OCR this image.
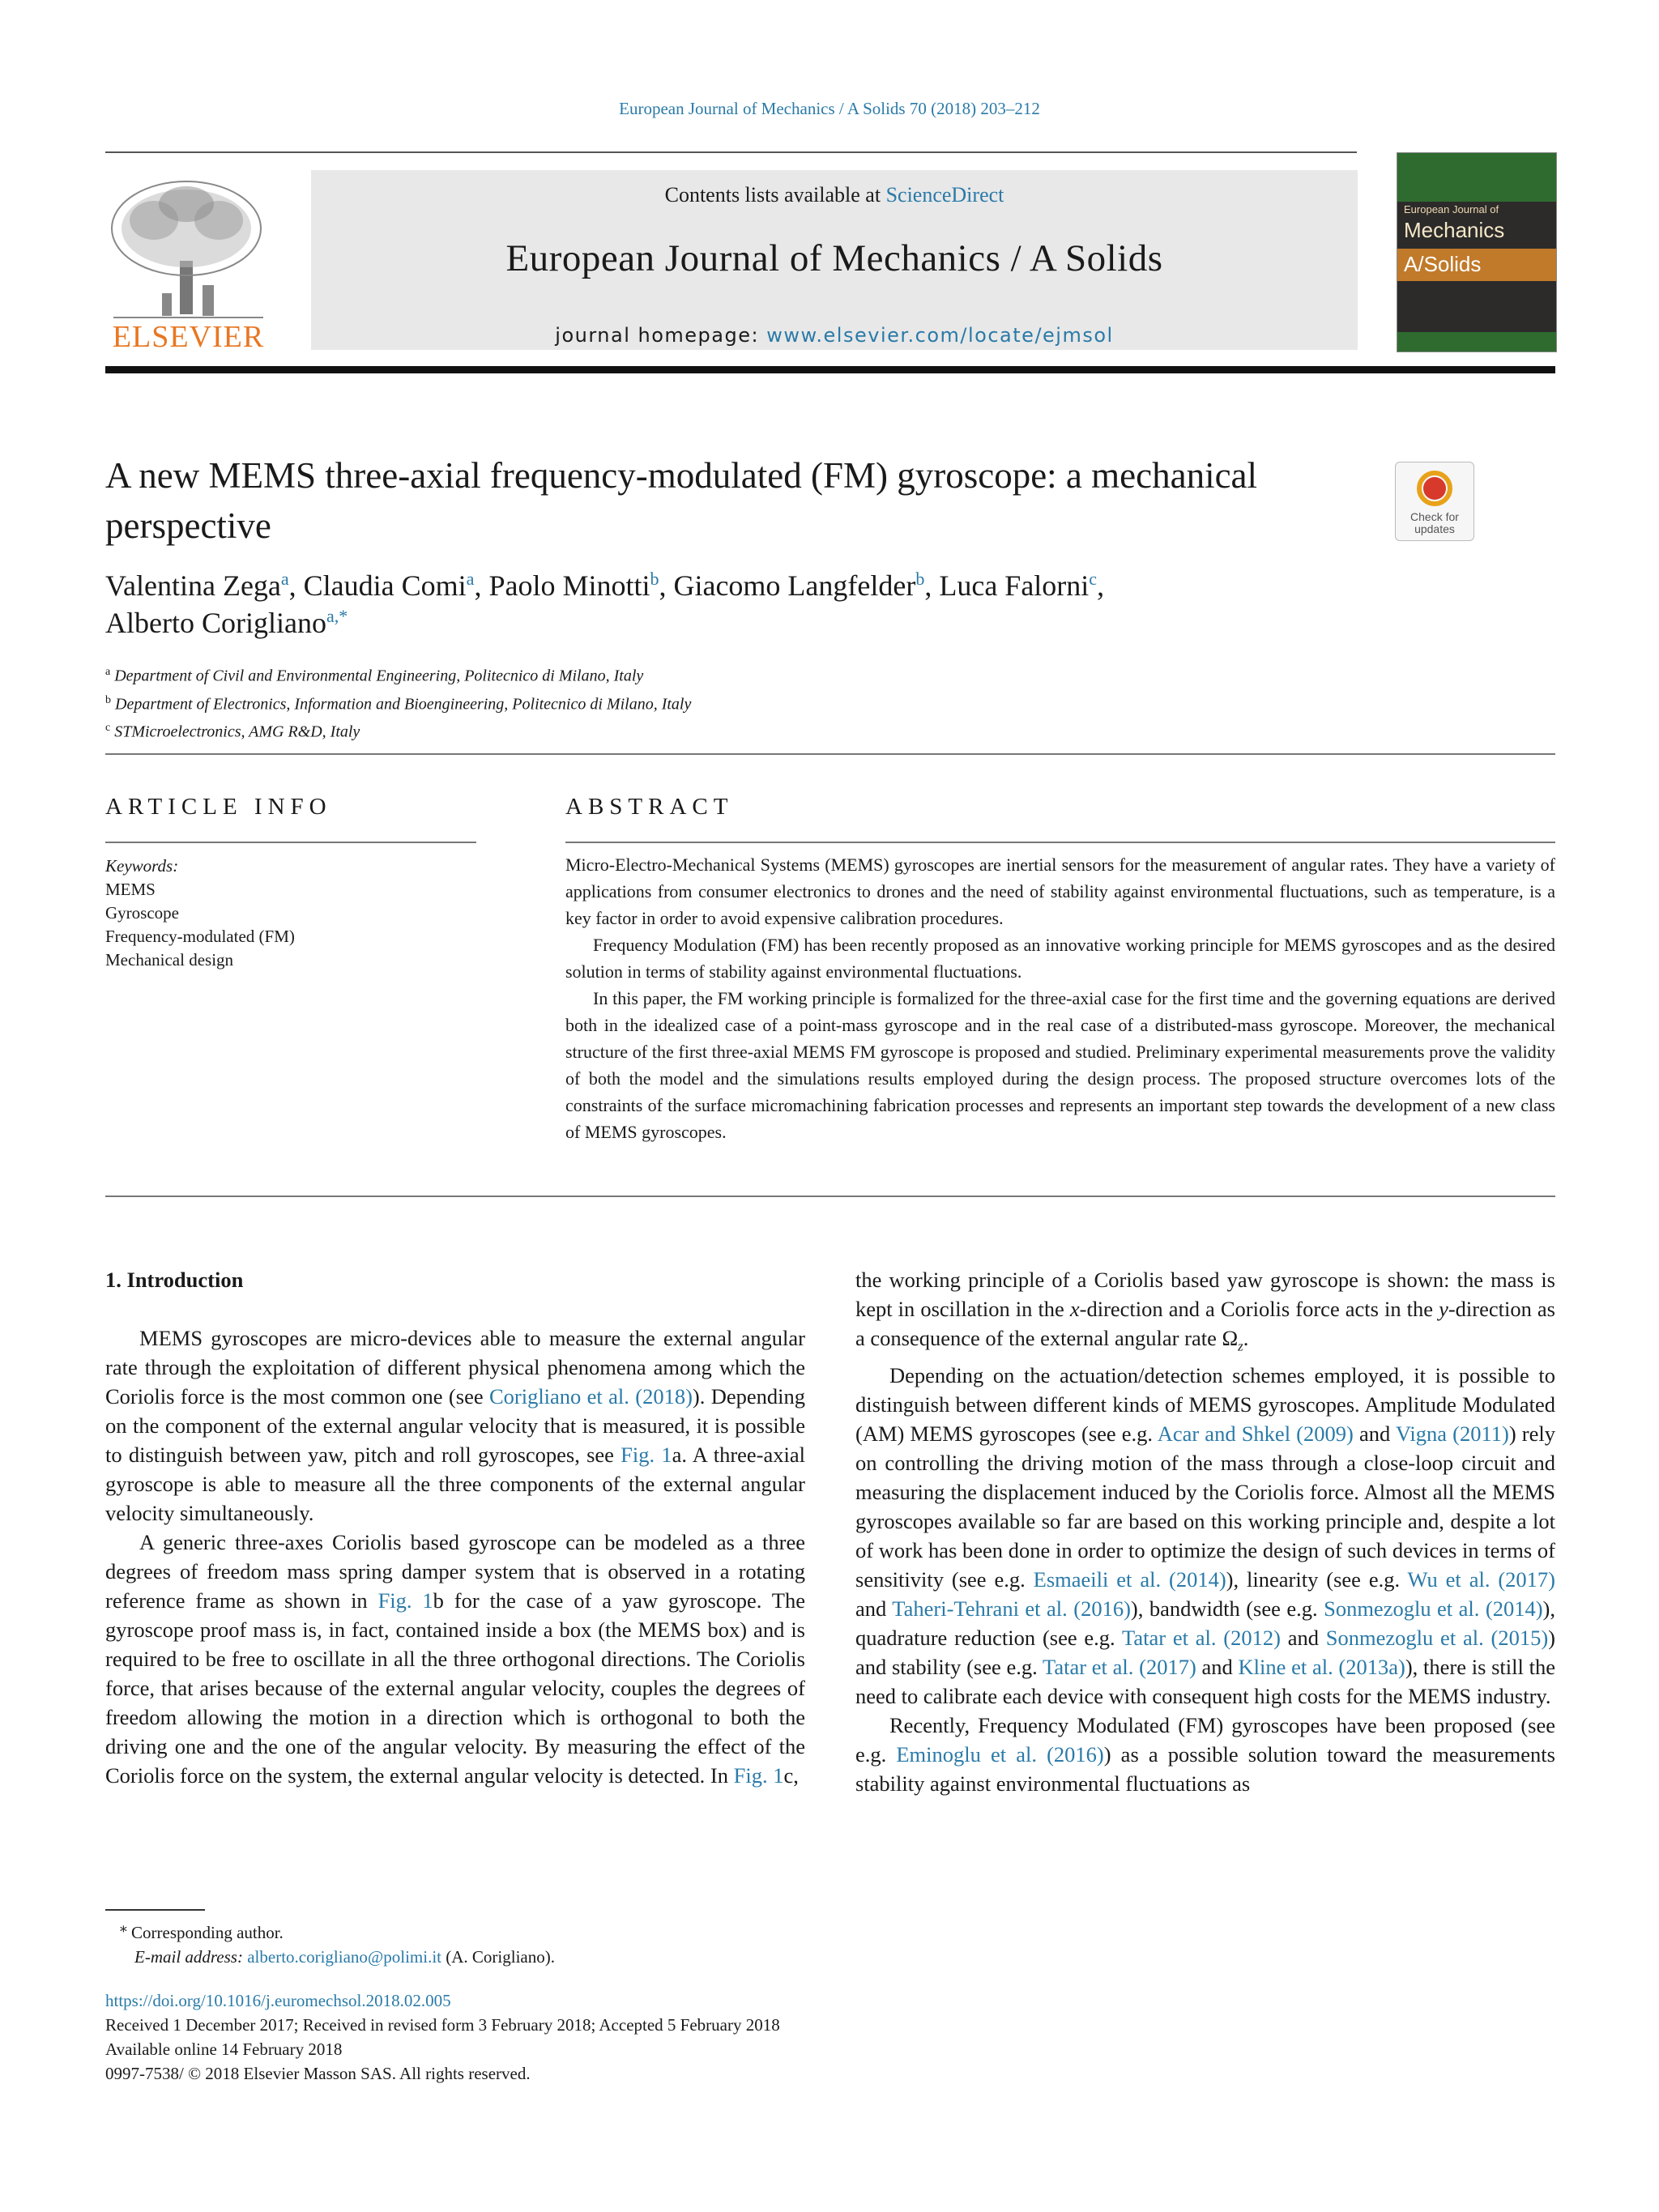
European Journal of Mechanics / A Solids 70 (2018) 203–212
ELSEVIER
Contents lists available at ScienceDirect
European Journal of Mechanics / A Solids
journal homepage: www.elsevier.com/locate/ejmsol
European Journal of
Mechanics
A/Solids
A new MEMS three-axial frequency-modulated (FM) gyroscope: a mechanical perspective	Check for
updates
Valentina Zega$^a$, Claudia Comi$^a$, Paolo Minotti$^b$, Giacomo Langfelder$^b$, Luca Falorni$^c$,
Alberto Corigliano$^{a,*}$
$^a$ Department of Civil and Environmental Engineering, Politecnico di Milano, Italy
$^b$ Department of Electronics, Information and Bioengineering, Politecnico di Milano, Italy
$^c$ STMicroelectronics, AMG R&D, Italy
ARTICLE INFO
Keywords:
MEMS
Gyroscope
Frequency-modulated (FM)
Mechanical design
ABSTRACT

Micro-Electro-Mechanical Systems (MEMS) gyroscopes are inertial sensors for the measurement of angular rates. They have a variety of applications from consumer electronics to drones and the need of stability against environmental fluctuations, such as temperature, is a key factor in order to avoid expensive calibration procedures.

Frequency Modulation (FM) has been recently proposed as an innovative working principle for MEMS gyroscopes and as the desired solution in terms of stability against environmental fluctuations.

In this paper, the FM working principle is formalized for the three-axial case for the first time and the governing equations are derived both in the idealized case of a point-mass gyroscope and in the real case of a distributed-mass gyroscope. Moreover, the mechanical structure of the first three-axial MEMS FM gyroscope is proposed and studied. Preliminary experimental measurements prove the validity of both the model and the simulations results employed during the design process. The proposed structure overcomes lots of the constraints of the surface micromachining fabrication processes and represents an important step towards the development of a new class of MEMS gyroscopes.

1. Introduction

MEMS gyroscopes are micro-devices able to measure the external angular rate through the exploitation of different physical phenomena among which the Coriolis force is the most common one (see Corigliano et al. (2018)). Depending on the component of the external angular velocity that is measured, it is possible to distinguish between yaw, pitch and roll gyroscopes, see Fig. 1a. A three-axial gyroscope is able to measure all the three components of the external angular velocity simultaneously.

A generic three-axes Coriolis based gyroscope can be modeled as a three degrees of freedom mass spring damper system that is observed in a rotating reference frame as shown in Fig. 1b for the case of a yaw gyroscope. The gyroscope proof mass is, in fact, contained inside a box (the MEMS box) and is required to be free to oscillate in all the three orthogonal directions. The Coriolis force, that arises because of the external angular velocity, couples the degrees of freedom allowing the motion in a direction which is orthogonal to both the driving one and the one of the angular velocity. By measuring the effect of the Coriolis force on the system, the external angular velocity is detected. In Fig. 1c,

the working principle of a Coriolis based yaw gyroscope is shown: the mass is kept in oscillation in the x-direction and a Coriolis force acts in the y-direction as a consequence of the external angular rate $\Omega_z$.

Depending on the actuation/detection schemes employed, it is possible to distinguish between different kinds of MEMS gyroscopes. Amplitude Modulated (AM) MEMS gyroscopes (see e.g. Acar and Shkel (2009) and Vigna (2011)) rely on controlling the driving motion of the mass through a close-loop circuit and measuring the displacement induced by the Coriolis force. Almost all the MEMS gyroscopes available so far are based on this working principle and, despite a lot of work has been done in order to optimize the design of such devices in terms of sensitivity (see e.g. Esmaeili et al. (2014)), linearity (see e.g. Wu et al. (2017) and Taheri-Tehrani et al. (2016)), bandwidth (see e.g. Sonmezoglu et al. (2014)), quadrature reduction (see e.g. Tatar et al. (2012) and Sonmezoglu et al. (2015)) and stability (see e.g. Tatar et al. (2017) and Kline et al. (2013a)), there is still the need to calibrate each device with consequent high costs for the MEMS industry.

Recently, Frequency Modulated (FM) gyroscopes have been proposed (see e.g. Eminoglu et al. (2016)) as a possible solution toward the measurements stability against environmental fluctuations as

⁎ Corresponding author.
E-mail address: alberto.corigliano@polimi.it (A. Corigliano).
https://doi.org/10.1016/j.euromechsol.2018.02.005
Received 1 December 2017; Received in revised form 3 February 2018; Accepted 5 February 2018
Available online 14 February 2018
0997-7538/ © 2018 Elsevier Masson SAS. All rights reserved.
